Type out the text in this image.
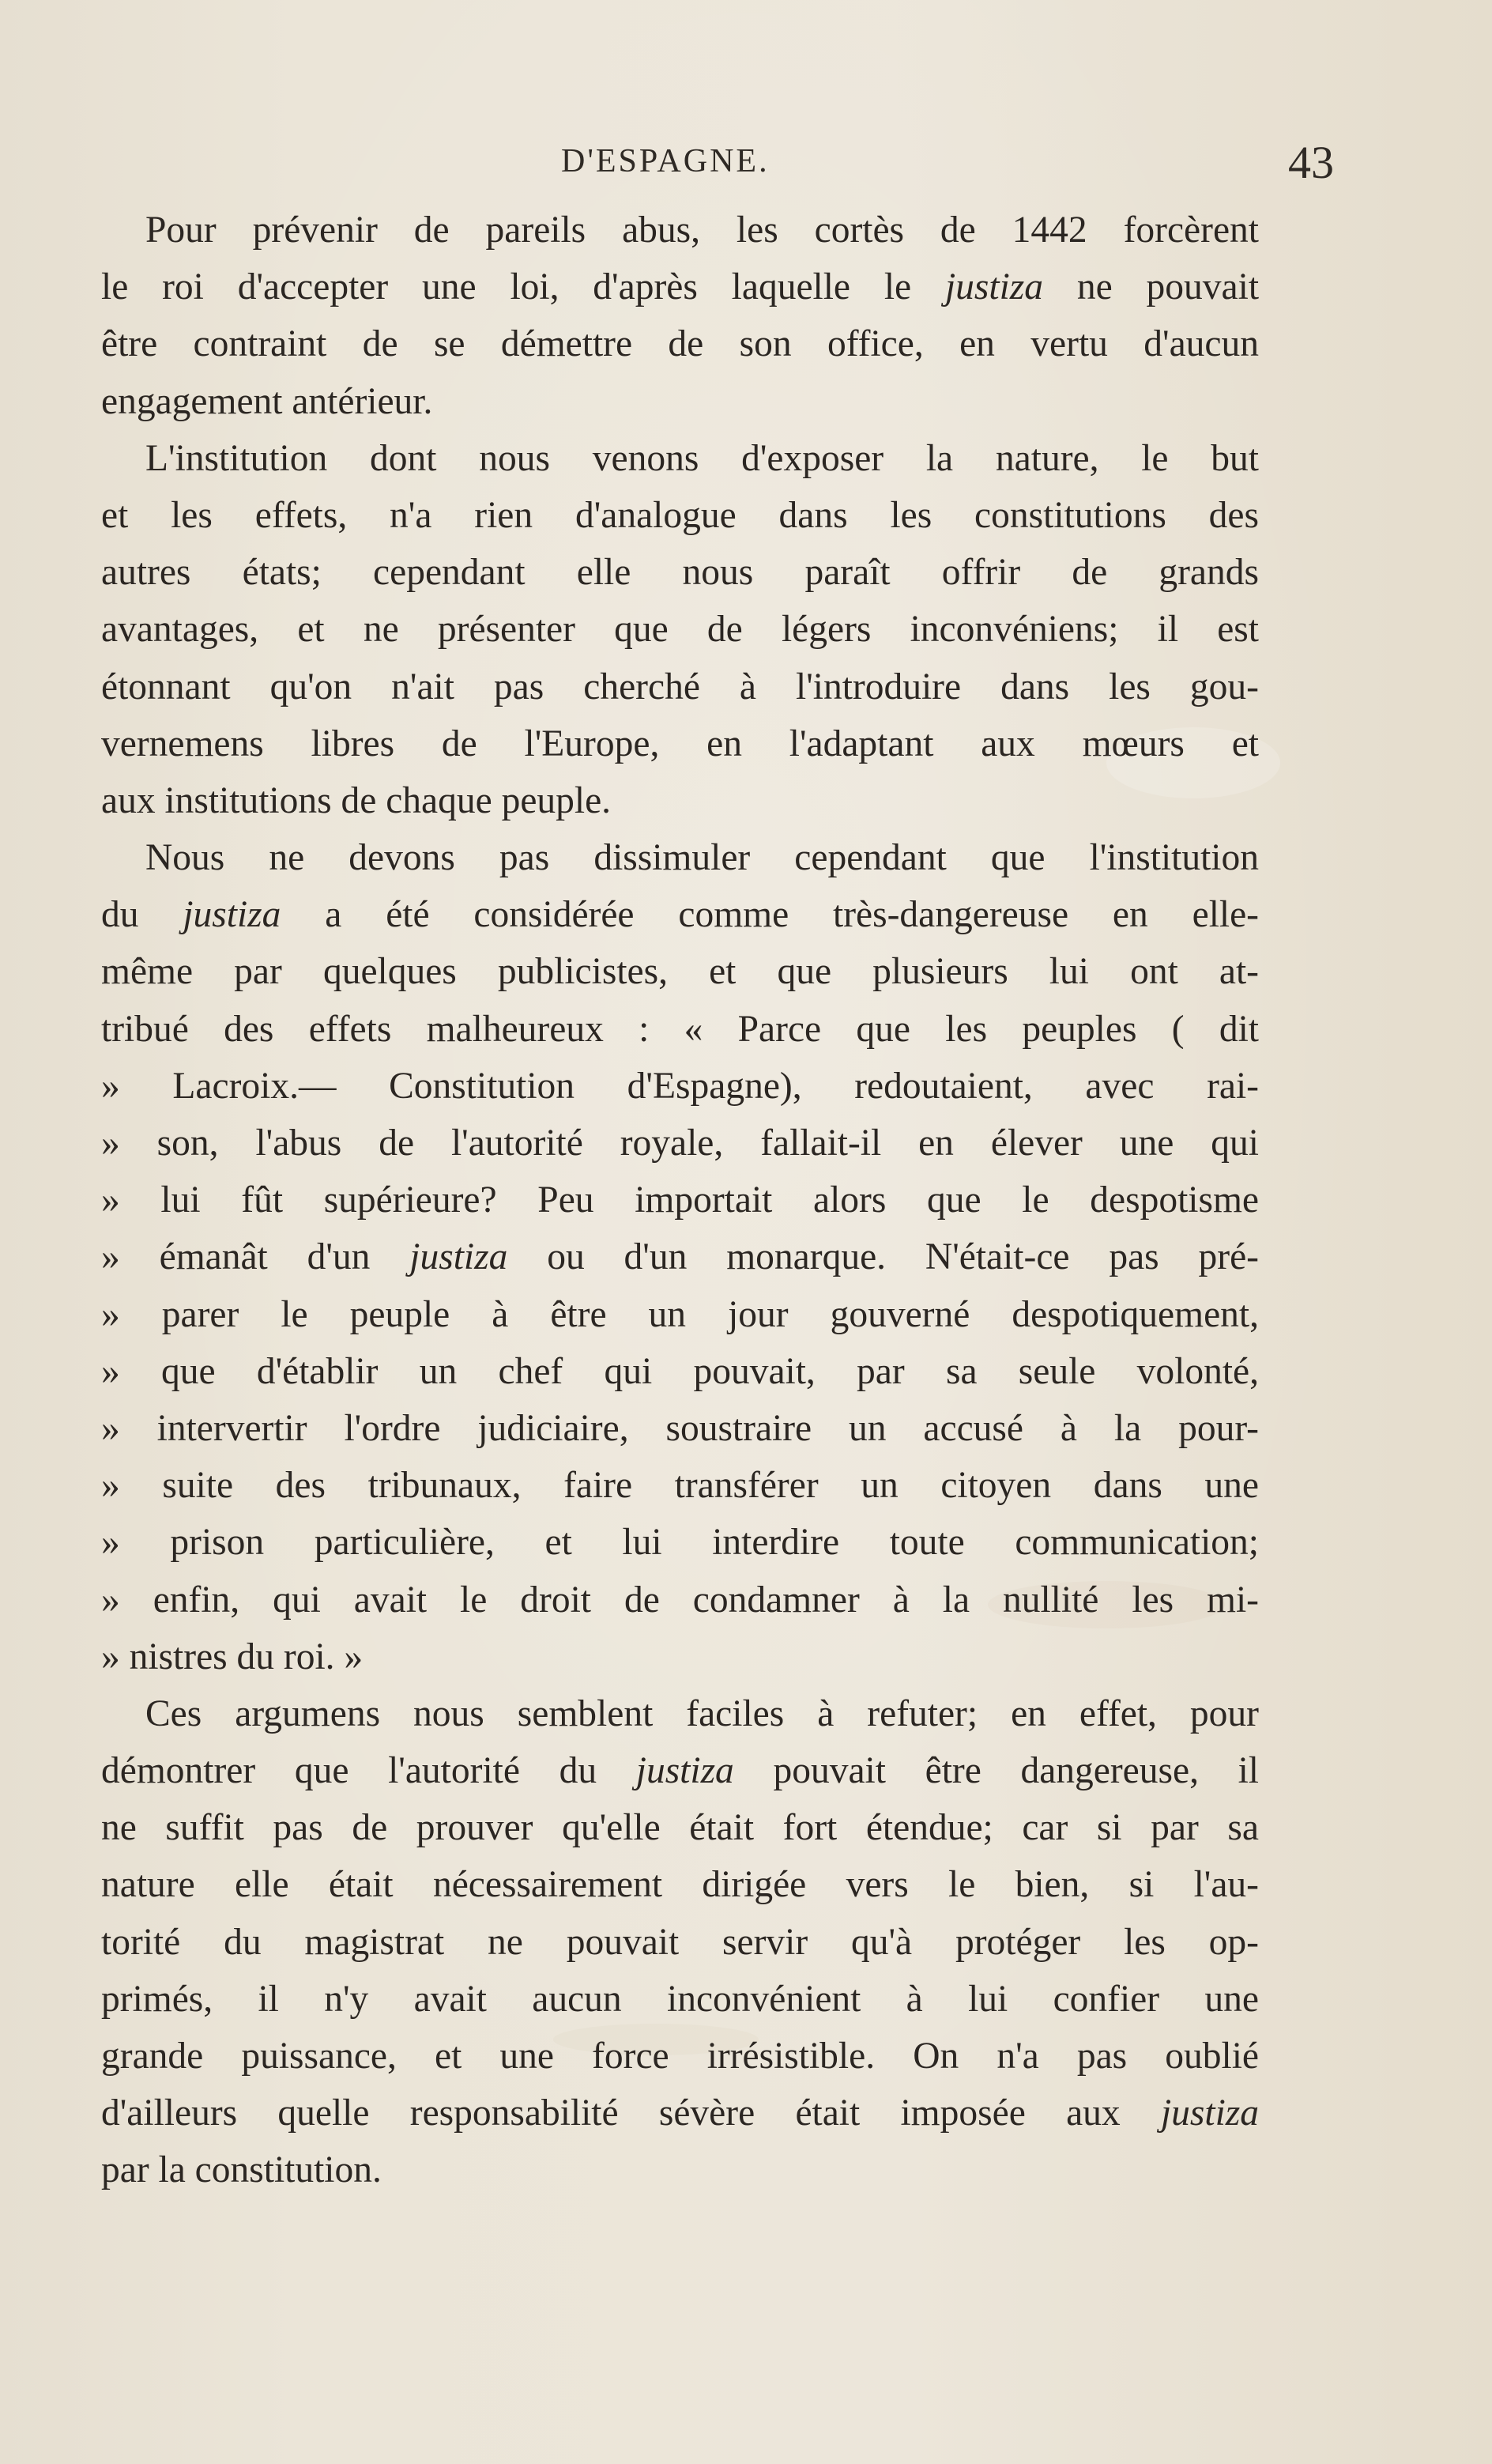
D'ESPAGNE.	43
Pour prévenir de pareils abus, les cortès de 1442 forcèrent
le roi d'accepter une loi, d'après laquelle le justiza ne pouvait
être contraint de se démettre de son office, en vertu d'aucun
engagement antérieur.
L'institution dont nous venons d'exposer la nature, le but
et les effets, n'a rien d'analogue dans les constitutions des
autres états; cependant elle nous paraît offrir de grands
avantages, et ne présenter que de légers inconvéniens; il est
étonnant qu'on n'ait pas cherché à l'introduire dans les gou-
vernemens libres de l'Europe, en l'adaptant aux mœurs et
aux institutions de chaque peuple.
Nous ne devons pas dissimuler cependant que l'institution
du justiza a été considérée comme très-dangereuse en elle-
même par quelques publicistes, et que plusieurs lui ont at-
tribué des effets malheureux : « Parce que les peuples ( dit
» Lacroix.— Constitution d'Espagne), redoutaient, avec rai-
» son, l'abus de l'autorité royale, fallait-il en élever une qui
» lui fût supérieure? Peu importait alors que le despotisme
» émanât d'un justiza ou d'un monarque. N'était-ce pas pré-
» parer le peuple à être un jour gouverné despotiquement,
» que d'établir un chef qui pouvait, par sa seule volonté,
» intervertir l'ordre judiciaire, soustraire un accusé à la pour-
» suite des tribunaux, faire transférer un citoyen dans une
» prison particulière, et lui interdire toute communication;
» enfin, qui avait le droit de condamner à la nullité les mi-
» nistres du roi. »
Ces argumens nous semblent faciles à refuter; en effet, pour
démontrer que l'autorité du justiza pouvait être dangereuse, il
ne suffit pas de prouver qu'elle était fort étendue; car si par sa
nature elle était nécessairement dirigée vers le bien, si l'au-
torité du magistrat ne pouvait servir qu'à protéger les op-
primés, il n'y avait aucun inconvénient à lui confier une
grande puissance, et une force irrésistible. On n'a pas oublié
d'ailleurs quelle responsabilité sévère était imposée aux justiza
par la constitution.
